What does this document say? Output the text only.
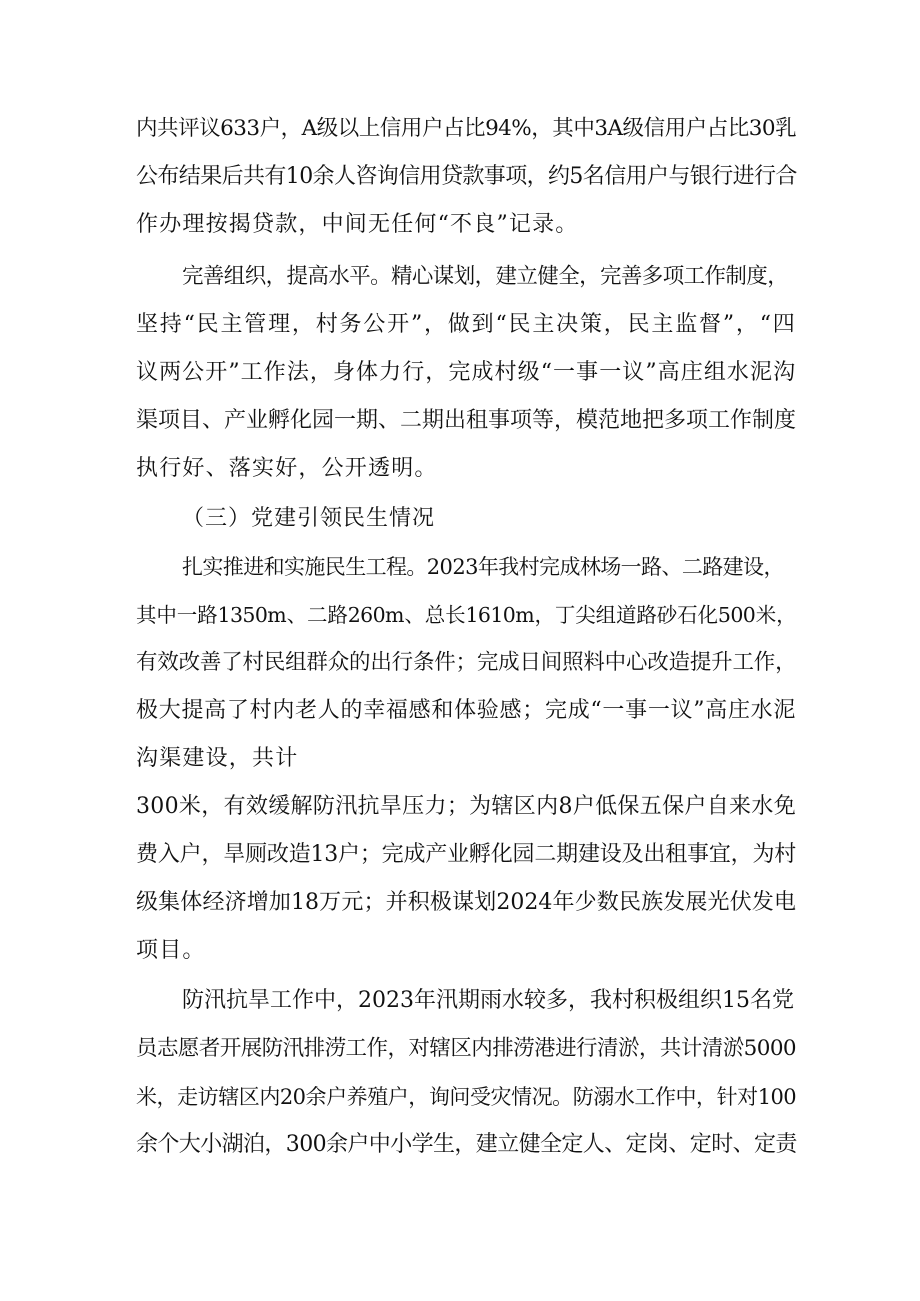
内共评议633户，A级以上信用户占比94%，其中3A级信用户占比30乳
公布结果后共有10余人咨询信用贷款事项，约5名信用户与银行进行合
作办理按揭贷款，中间无任何“不良”记录。
完善组织，提高水平。精心谋划，建立健全，完善多项工作制度，
坚持“民主管理，村务公开”，做到“民主决策，民主监督”，“四
议两公开”工作法，身体力行，完成村级“一事一议”高庄组水泥沟
渠项目、产业孵化园一期、二期出租事项等，模范地把多项工作制度
执行好、落实好，公开透明。
（三）党建引领民生情况
扎实推进和实施民生工程。2023年我村完成林场一路、二路建设，
其中一路1350m、二路260m、总长1610m，丁尖组道路砂石化500米，
有效改善了村民组群众的出行条件；完成日间照料中心改造提升工作，
极大提高了村内老人的幸福感和体验感；完成“一事一议”高庄水泥
沟渠建设，共计
300米，有效缓解防汛抗旱压力；为辖区内8户低保五保户自来水免
费入户，旱厕改造13户；完成产业孵化园二期建设及出租事宜，为村
级集体经济增加18万元；并积极谋划2024年少数民族发展光伏发电
项目。
防汛抗旱工作中，2023年汛期雨水较多，我村积极组织15名党
员志愿者开展防汛排涝工作，对辖区内排涝港进行清淤，共计清淤5000
米，走访辖区内20余户养殖户，询问受灾情况。防溺水工作中，针对100
余个大小湖泊，300余户中小学生，建立健全定人、定岗、定时、定责
